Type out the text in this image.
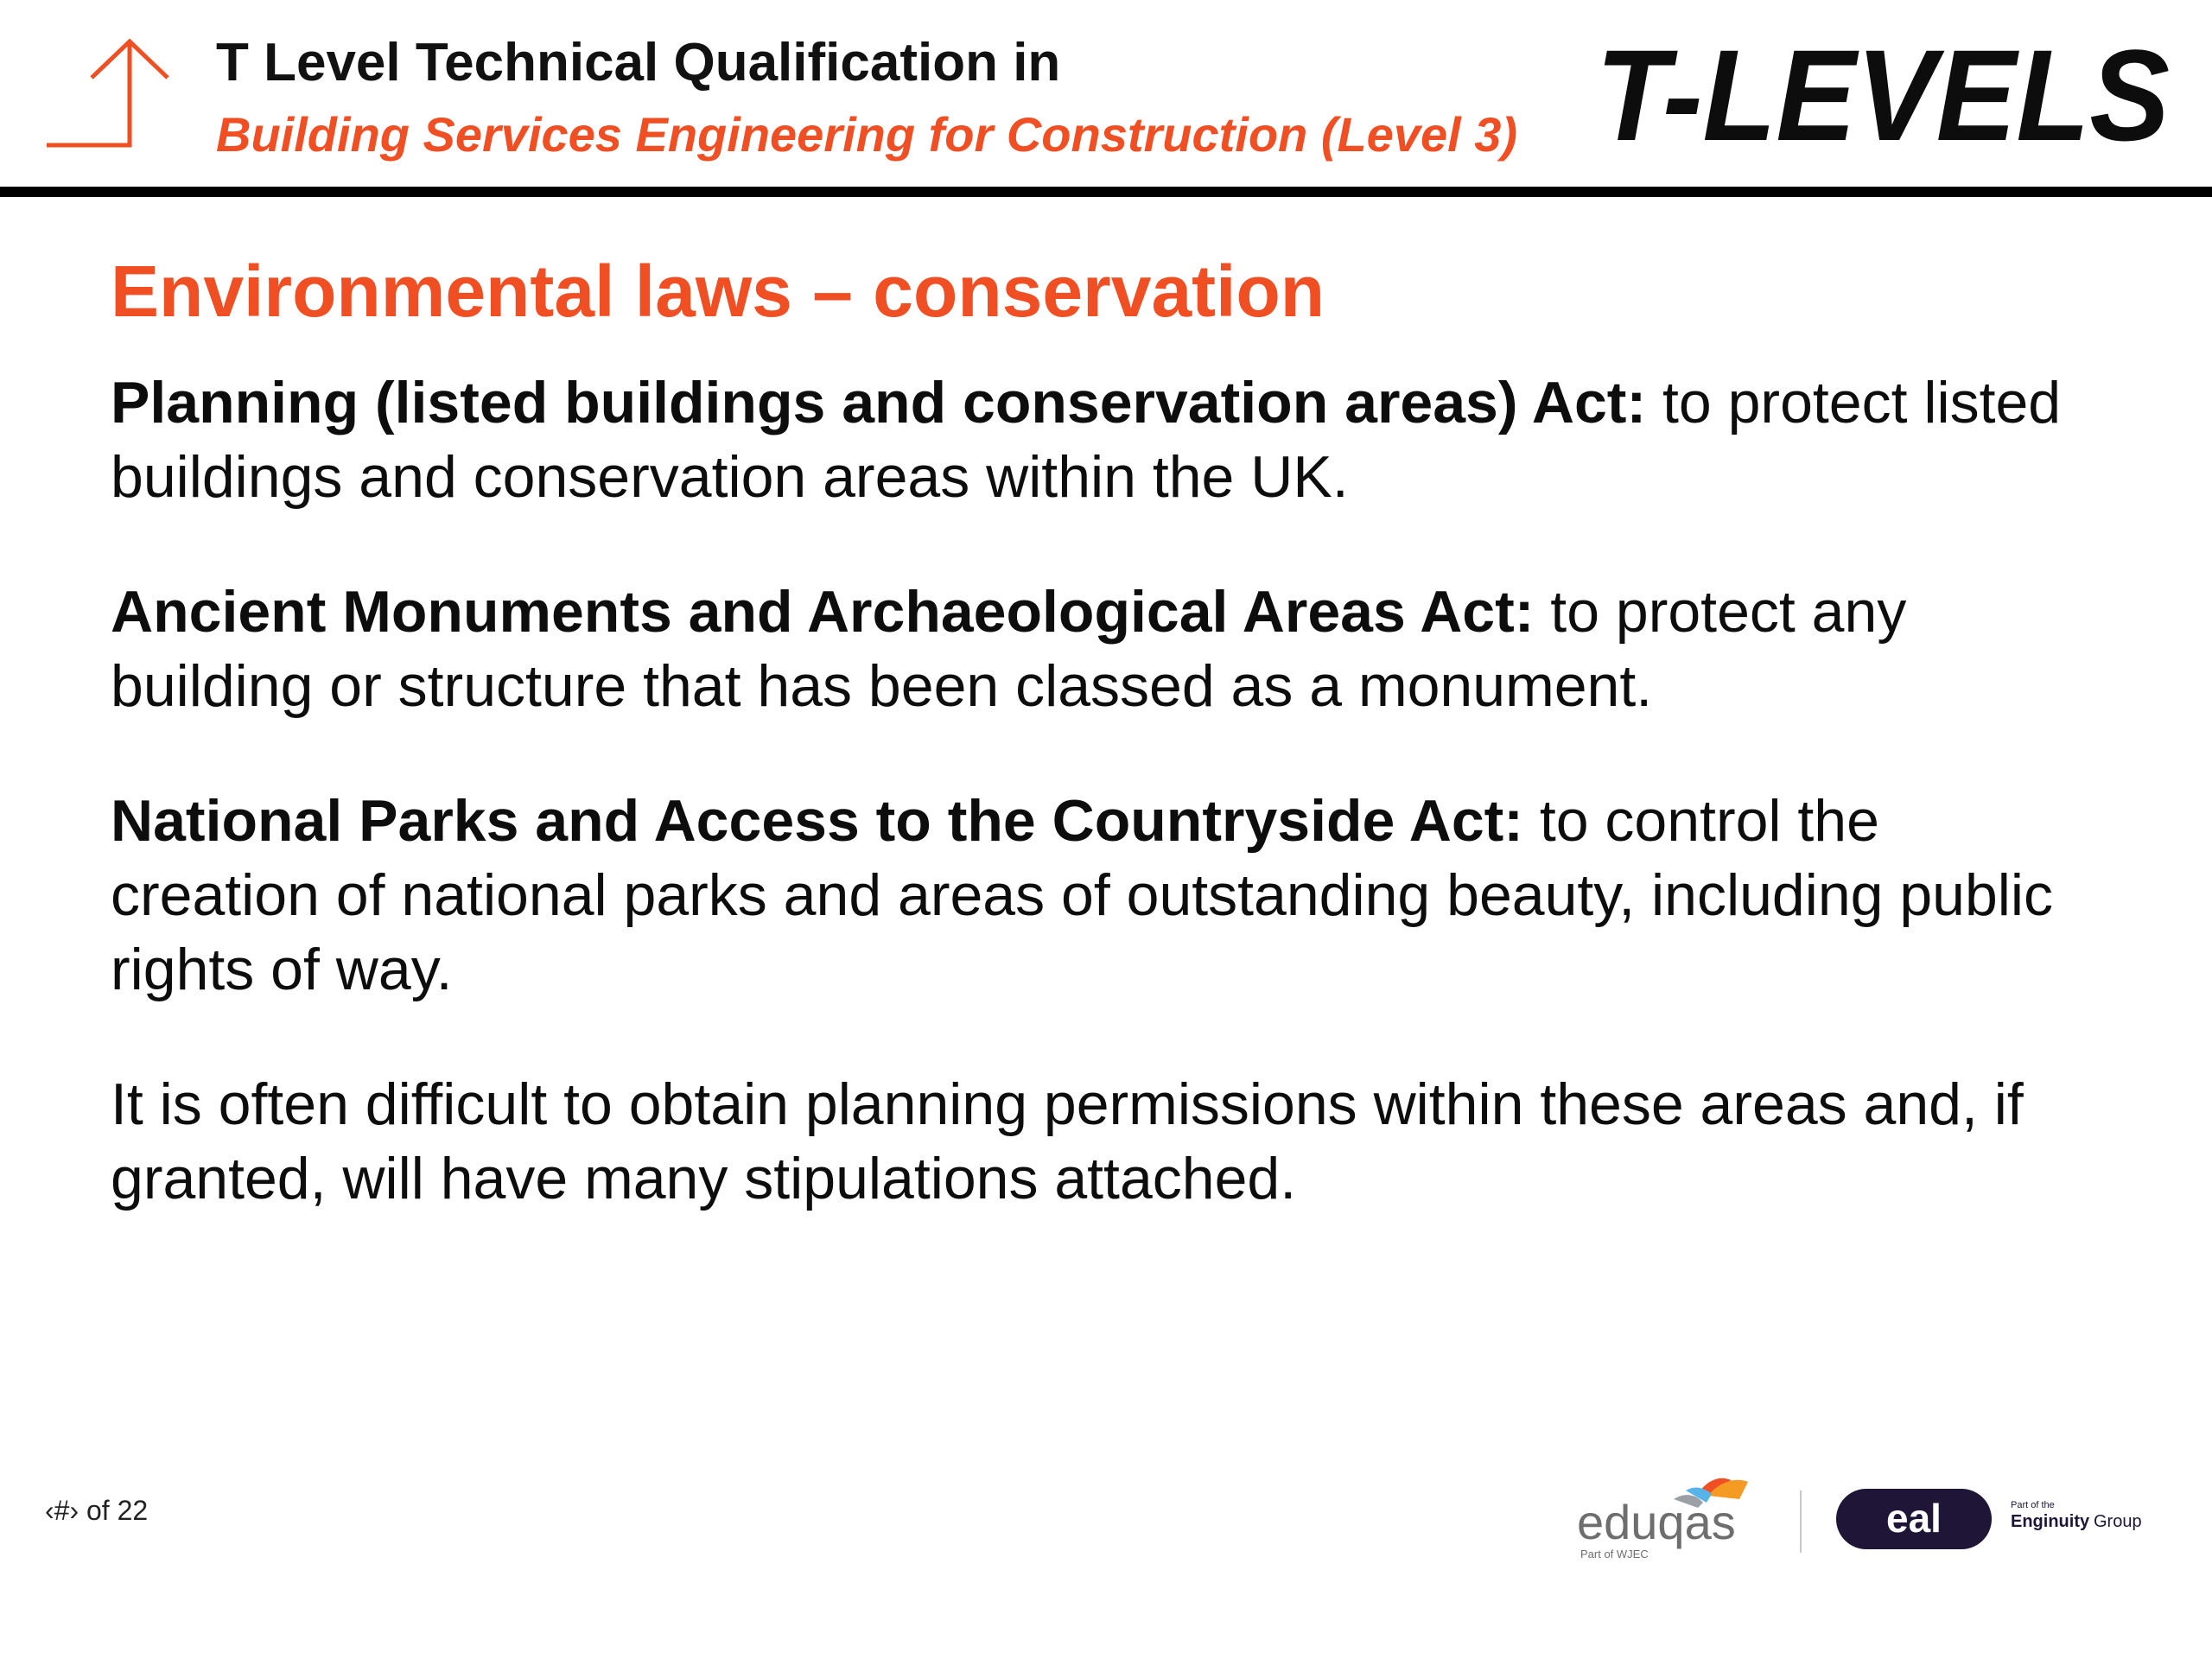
T Level Technical Qualification in
Building Services Engineering for Construction (Level 3) T-LEVELS
Environmental laws – conservation

Planning (listed buildings and conservation areas) Act: to protect listed buildings and conservation areas within the UK.

Ancient Monuments and Archaeological Areas Act: to protect any building or structure that has been classed as a monument.

National Parks and Access to the Countryside Act: to control the creation of national parks and areas of outstanding beauty, including public rights of way.

It is often difficult to obtain planning permissions within these areas and, if granted, will have many stipulations attached.

‹#› of 22	eduqas
Part of WJEC
eal	Part of the
Enginuity Group
